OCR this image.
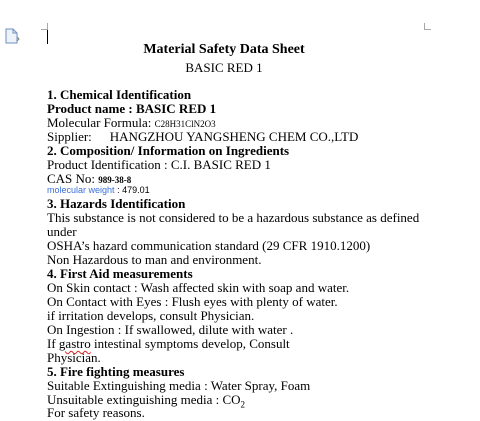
Material Safety Data Sheet
BASIC RED 1
1. Chemical Identification
Product name : BASIC RED 1
Molecular Formula: C28H31ClN2O3
Sipplier: HANGZHOU YANGSHENG CHEM CO.,LTD
2. Composition/ Information on Ingredients
Product Identification : C.I. BASIC RED 1
CAS No: 989-38-8
molecular weight : 479.01
3. Hazards Identification
This substance is not considered to be a hazardous substance as defined
under
OSHA’s hazard communication standard (29 CFR 1910.1200)
Non Hazardous to man and environment.
4. First Aid measurements
On Skin contact : Wash affected skin with soap and water.
On Contact with Eyes : Flush eyes with plenty of water.
if irritation develops, consult Physician.
On Ingestion : If swallowed, dilute with water .
If gastro intestinal symptoms develop, Consult
Physician.
5. Fire fighting measures
Suitable Extinguishing media : Water Spray, Foam
Unsuitable extinguishing media : $CO_2$
For safety reasons.
